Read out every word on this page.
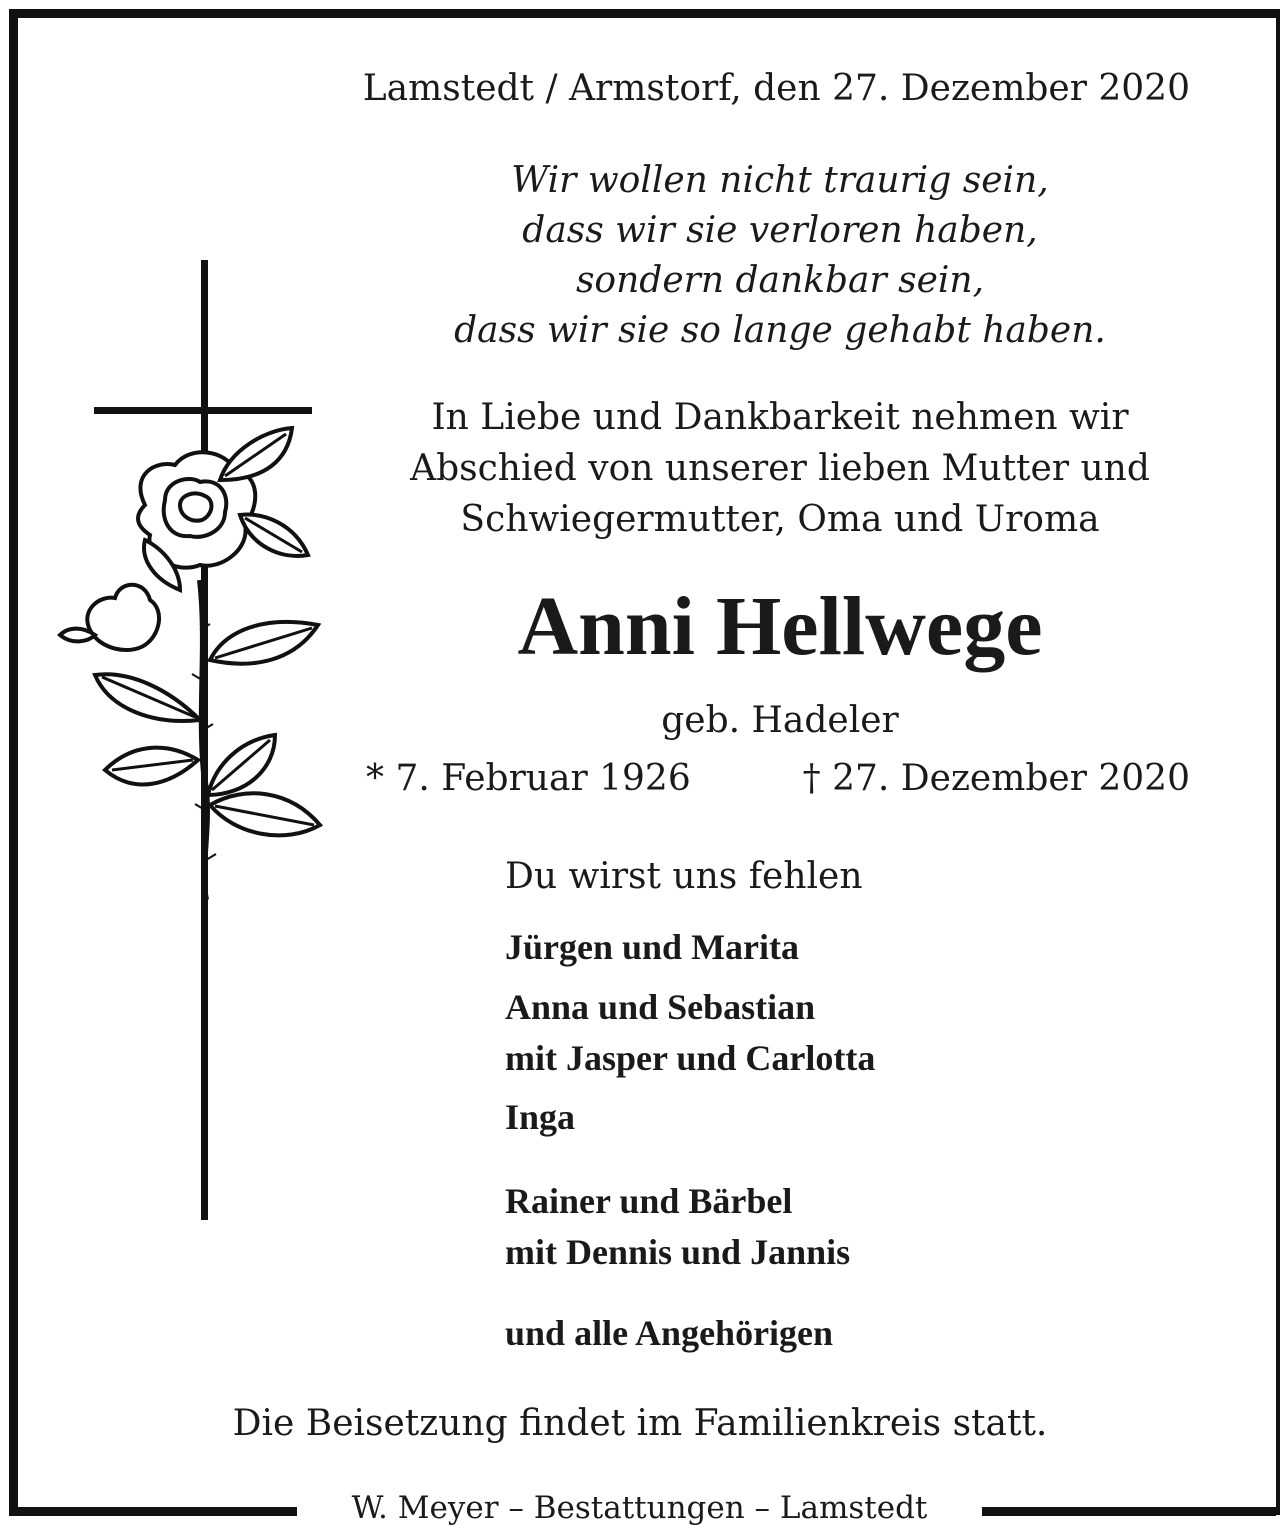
Lamstedt / Armstorf, den 27. Dezember 2020
Wir wollen nicht traurig sein,
dass wir sie verloren haben,
sondern dankbar sein,
dass wir sie so lange gehabt haben.
In Liebe und Dankbarkeit nehmen wir
Abschied von unserer lieben Mutter und
Schwiegermutter, Oma und Uroma
Anni Hellwege
geb. Hadeler
* 7. Februar 1926	† 27. Dezember 2020
Du wirst uns fehlen
Jürgen und Marita
Anna und Sebastian
mit Jasper und Carlotta
Inga
Rainer und Bärbel
mit Dennis und Jannis
und alle Angehörigen
Die Beisetzung findet im Familienkreis statt.
W. Meyer – Bestattungen – Lamstedt
